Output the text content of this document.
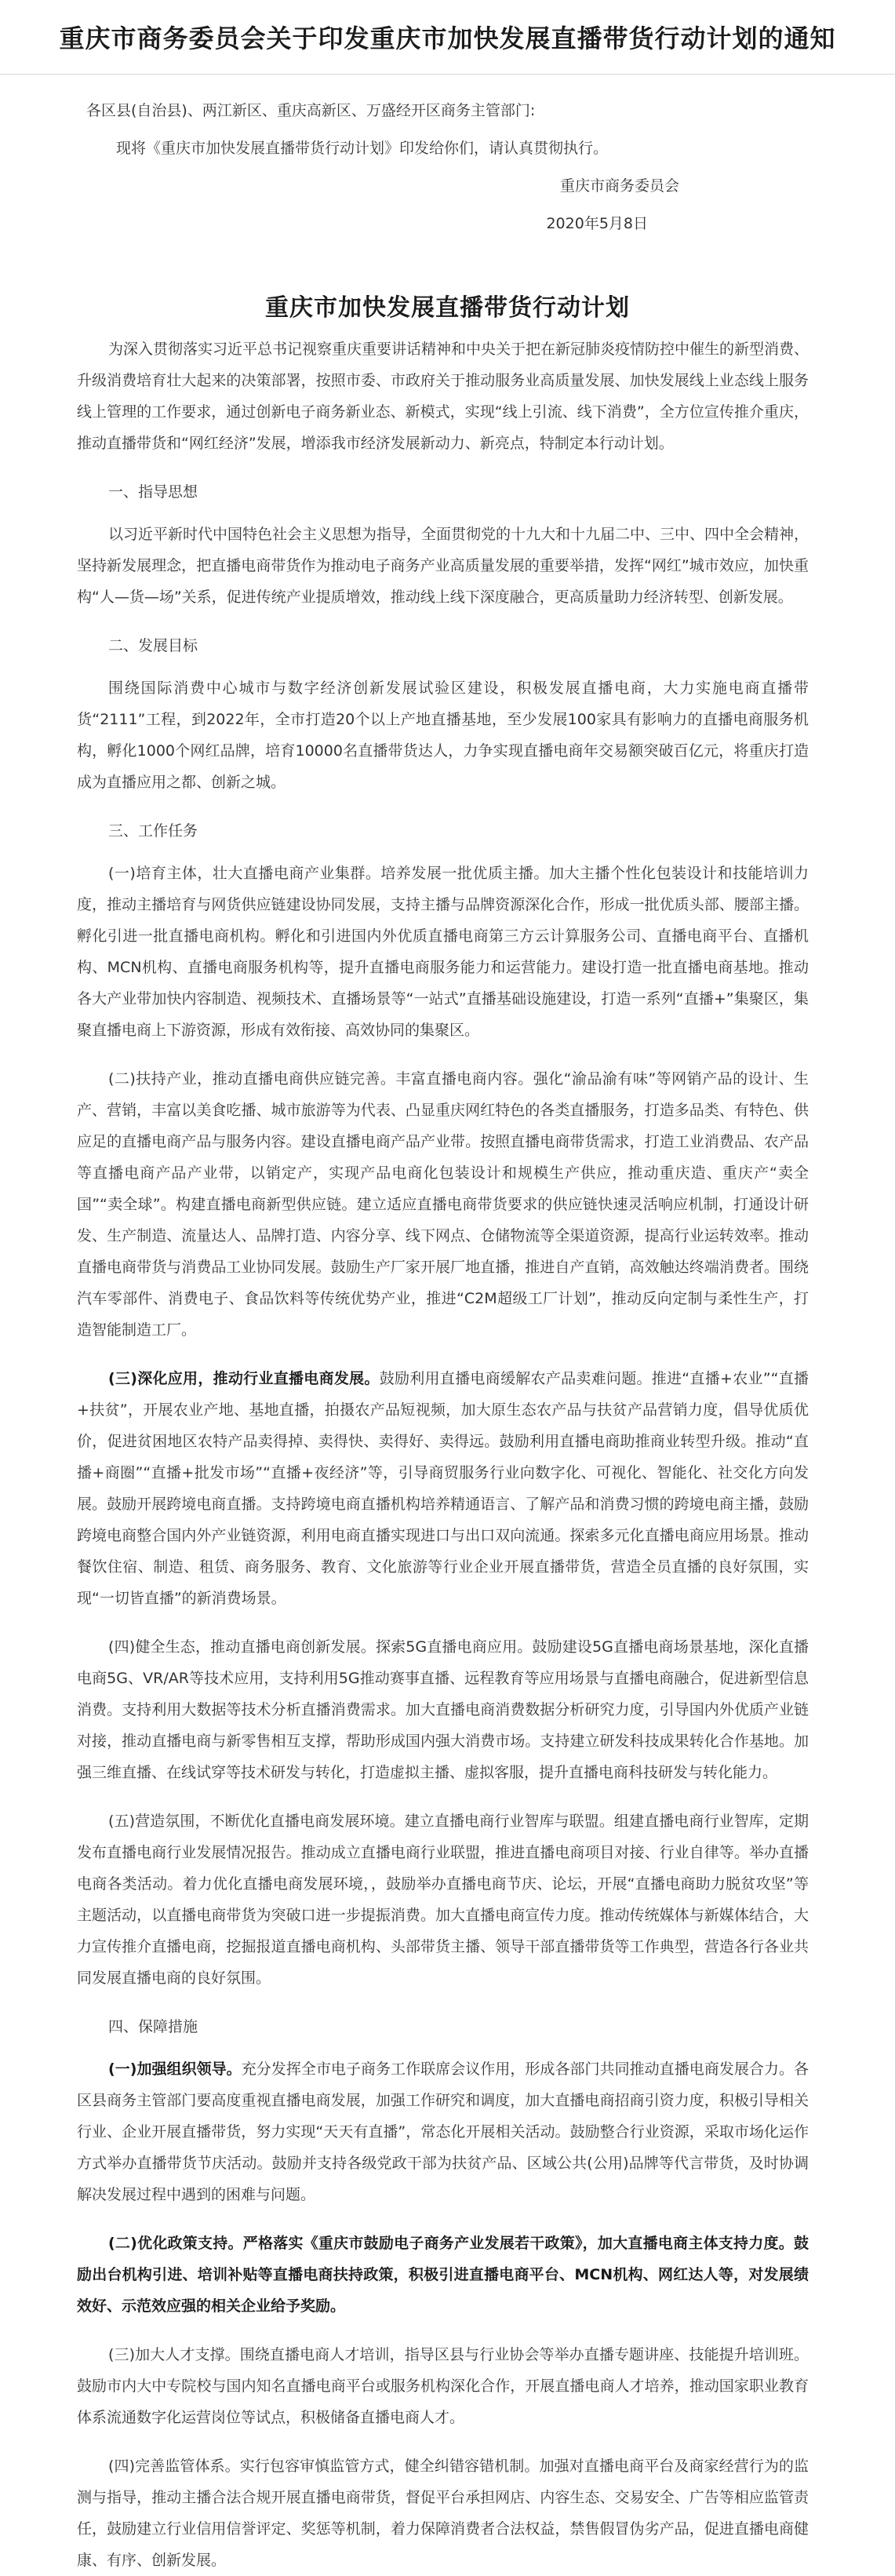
重庆市商务委员会关于印发重庆市加快发展直播带货行动计划的通知

各区县(自治县)、两江新区、重庆高新区、万盛经开区商务主管部门:

现将《重庆市加快发展直播带货行动计划》印发给你们，请认真贯彻执行。

重庆市商务委员会

2020年5月8日

重庆市加快发展直播带货行动计划

为深入贯彻落实习近平总书记视察重庆重要讲话精神和中央关于把在新冠肺炎疫情防控中催生的新型消费、升级消费培育壮大起来的决策部署，按照市委、市政府关于推动服务业高质量发展、加快发展线上业态线上服务线上管理的工作要求，通过创新电子商务新业态、新模式，实现“线上引流、线下消费”，全方位宣传推介重庆，推动直播带货和“网红经济”发展，增添我市经济发展新动力、新亮点，特制定本行动计划。

一、指导思想

以习近平新时代中国特色社会主义思想为指导，全面贯彻党的十九大和十九届二中、三中、四中全会精神，坚持新发展理念，把直播电商带货作为推动电子商务产业高质量发展的重要举措，发挥“网红”城市效应，加快重构“人—货—场”关系，促进传统产业提质增效，推动线上线下深度融合，更高质量助力经济转型、创新发展。

二、发展目标

围绕国际消费中心城市与数字经济创新发展试验区建设，积极发展直播电商，大力实施电商直播带货“2111”工程，到2022年，全市打造20个以上产地直播基地，至少发展100家具有影响力的直播电商服务机构，孵化1000个网红品牌，培育10000名直播带货达人，力争实现直播电商年交易额突破百亿元，将重庆打造成为直播应用之都、创新之城。

三、工作任务

(一)培育主体，壮大直播电商产业集群。培养发展一批优质主播。加大主播个性化包装设计和技能培训力度，推动主播培育与网货供应链建设协同发展，支持主播与品牌资源深化合作，形成一批优质头部、腰部主播。孵化引进一批直播电商机构。孵化和引进国内外优质直播电商第三方云计算服务公司、直播电商平台、直播机构、MCN机构、直播电商服务机构等，提升直播电商服务能力和运营能力。建设打造一批直播电商基地。推动各大产业带加快内容制造、视频技术、直播场景等“一站式”直播基础设施建设，打造一系列“直播+”集聚区，集聚直播电商上下游资源，形成有效衔接、高效协同的集聚区。

(二)扶持产业，推动直播电商供应链完善。丰富直播电商内容。强化“渝品渝有味”等网销产品的设计、生产、营销，丰富以美食吃播、城市旅游等为代表、凸显重庆网红特色的各类直播服务，打造多品类、有特色、供应足的直播电商产品与服务内容。建设直播电商产品产业带。按照直播电商带货需求，打造工业消费品、农产品等直播电商产品产业带，以销定产，实现产品电商化包装设计和规模生产供应，推动重庆造、重庆产“卖全国”“卖全球”。构建直播电商新型供应链。建立适应直播电商带货要求的供应链快速灵活响应机制，打通设计研发、生产制造、流量达人、品牌打造、内容分享、线下网点、仓储物流等全渠道资源，提高行业运转效率。推动直播电商带货与消费品工业协同发展。鼓励生产厂家开展厂地直播，推进自产直销，高效触达终端消费者。围绕汽车零部件、消费电子、食品饮料等传统优势产业，推进“C2M超级工厂计划”，推动反向定制与柔性生产，打造智能制造工厂。

(三)深化应用，推动行业直播电商发展。鼓励利用直播电商缓解农产品卖难问题。推进“直播+农业”“直播+扶贫”，开展农业产地、基地直播，拍摄农产品短视频，加大原生态农产品与扶贫产品营销力度，倡导优质优价，促进贫困地区农特产品卖得掉、卖得快、卖得好、卖得远。鼓励利用直播电商助推商业转型升级。推动“直播+商圈”“直播+批发市场”“直播+夜经济”等，引导商贸服务行业向数字化、可视化、智能化、社交化方向发展。鼓励开展跨境电商直播。支持跨境电商直播机构培养精通语言、了解产品和消费习惯的跨境电商主播，鼓励跨境电商整合国内外产业链资源，利用电商直播实现进口与出口双向流通。探索多元化直播电商应用场景。推动餐饮住宿、制造、租赁、商务服务、教育、文化旅游等行业企业开展直播带货，营造全员直播的良好氛围，实现“一切皆直播”的新消费场景。

(四)健全生态，推动直播电商创新发展。探索5G直播电商应用。鼓励建设5G直播电商场景基地，深化直播电商5G、VR/AR等技术应用，支持利用5G推动赛事直播、远程教育等应用场景与直播电商融合，促进新型信息消费。支持利用大数据等技术分析直播消费需求。加大直播电商消费数据分析研究力度，引导国内外优质产业链对接，推动直播电商与新零售相互支撑，帮助形成国内强大消费市场。支持建立研发科技成果转化合作基地。加强三维直播、在线试穿等技术研发与转化，打造虚拟主播、虚拟客服，提升直播电商科技研发与转化能力。

(五)营造氛围，不断优化直播电商发展环境。建立直播电商行业智库与联盟。组建直播电商行业智库，定期发布直播电商行业发展情况报告。推动成立直播电商行业联盟，推进直播电商项目对接、行业自律等。举办直播电商各类活动。着力优化直播电商发展环境，，鼓励举办直播电商节庆、论坛，开展“直播电商助力脱贫攻坚”等主题活动，以直播电商带货为突破口进一步提振消费。加大直播电商宣传力度。推动传统媒体与新媒体结合，大力宣传推介直播电商，挖掘报道直播电商机构、头部带货主播、领导干部直播带货等工作典型，营造各行各业共同发展直播电商的良好氛围。

四、保障措施

(一)加强组织领导。充分发挥全市电子商务工作联席会议作用，形成各部门共同推动直播电商发展合力。各区县商务主管部门要高度重视直播电商发展，加强工作研究和调度，加大直播电商招商引资力度，积极引导相关行业、企业开展直播带货，努力实现“天天有直播”，常态化开展相关活动。鼓励整合行业资源，采取市场化运作方式举办直播带货节庆活动。鼓励并支持各级党政干部为扶贫产品、区域公共(公用)品牌等代言带货，及时协调解决发展过程中遇到的困难与问题。

(二)优化政策支持。严格落实《重庆市鼓励电子商务产业发展若干政策》，加大直播电商主体支持力度。鼓励出台机构引进、培训补贴等直播电商扶持政策，积极引进直播电商平台、MCN机构、网红达人等，对发展绩效好、示范效应强的相关企业给予奖励。

(三)加大人才支撑。围绕直播电商人才培训，指导区县与行业协会等举办直播专题讲座、技能提升培训班。鼓励市内大中专院校与国内知名直播电商平台或服务机构深化合作，开展直播电商人才培养，推动国家职业教育体系流通数字化运营岗位等试点，积极储备直播电商人才。

(四)完善监管体系。实行包容审慎监管方式，健全纠错容错机制。加强对直播电商平台及商家经营行为的监测与指导，推动主播合法合规开展直播电商带货，督促平台承担网店、内容生态、交易安全、广告等相应监管责任，鼓励建立行业信用信誉评定、奖惩等机制，着力保障消费者合法权益，禁售假冒伪劣产品，促进直播电商健康、有序、创新发展。
